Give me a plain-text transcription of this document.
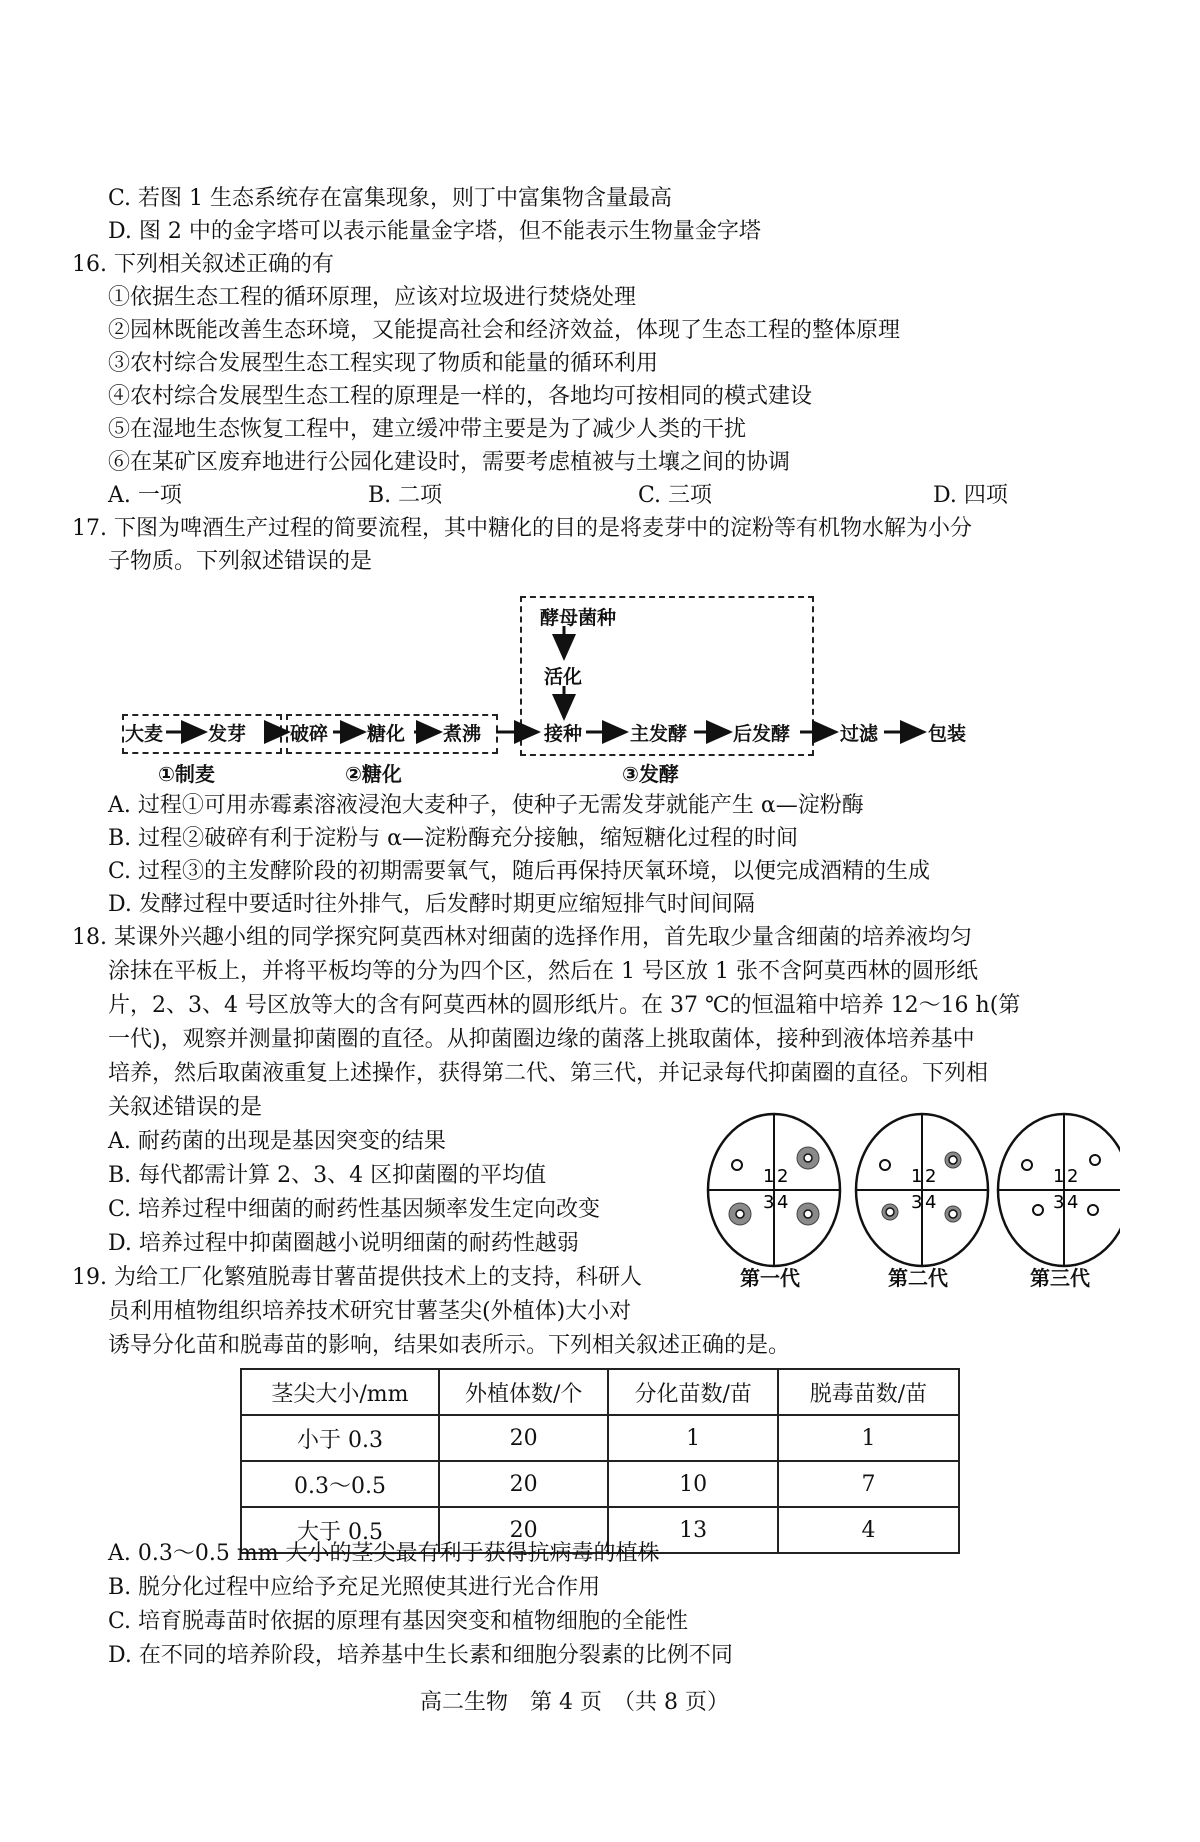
C. 若图 1 生态系统存在富集现象，则丁中富集物含量最高
D. 图 2 中的金字塔可以表示能量金字塔，但不能表示生物量金字塔
16. 下列相关叙述正确的有
①依据生态工程的循环原理，应该对垃圾进行焚烧处理
②园林既能改善生态环境，又能提高社会和经济效益，体现了生态工程的整体原理
③农村综合发展型生态工程实现了物质和能量的循环利用
④农村综合发展型生态工程的原理是一样的，各地均可按相同的模式建设
⑤在湿地生态恢复工程中，建立缓冲带主要是为了减少人类的干扰
⑥在某矿区废弃地进行公园化建设时，需要考虑植被与土壤之间的协调
A. 一项	B. 二项	C. 三项	D. 四项
17. 下图为啤酒生产过程的简要流程，其中糖化的目的是将麦芽中的淀粉等有机物水解为小分
子物质。下列叙述错误的是
大麦 发芽 破碎 糖化 煮沸
酵母菌种
活化
接种	主发酵 后发酵	过滤	包装
①制麦	②糖化	③发酵
A. 过程①可用赤霉素溶液浸泡大麦种子，使种子无需发芽就能产生 α—淀粉酶
B. 过程②破碎有利于淀粉与 α—淀粉酶充分接触，缩短糖化过程的时间
C. 过程③的主发酵阶段的初期需要氧气，随后再保持厌氧环境，以便完成酒精的生成
D. 发酵过程中要适时往外排气，后发酵时期更应缩短排气时间间隔
18. 某课外兴趣小组的同学探究阿莫西林对细菌的选择作用，首先取少量含细菌的培养液均匀
涂抹在平板上，并将平板均等的分为四个区，然后在 1 号区放 1 张不含阿莫西林的圆形纸
片，2、3、4 号区放等大的含有阿莫西林的圆形纸片。在 37 ℃的恒温箱中培养 12～16 h(第
一代)，观察并测量抑菌圈的直径。从抑菌圈边缘的菌落上挑取菌体，接种到液体培养基中
培养，然后取菌液重复上述操作，获得第二代、第三代，并记录每代抑菌圈的直径。下列相
关叙述错误的是
A. 耐药菌的出现是基因突变的结果
B. 每代都需计算 2、3、4 区抑菌圈的平均值
C. 培养过程中细菌的耐药性基因频率发生定向改变
D. 培养过程中抑菌圈越小说明细菌的耐药性越弱
1 2
3 4
1 2
3 4
1 2
3 4
第一代	第二代	第三代
19. 为给工厂化繁殖脱毒甘薯苗提供技术上的支持，科研人
员利用植物组织培养技术研究甘薯茎尖(外植体)大小对
诱导分化苗和脱毒苗的影响，结果如表所示。下列相关叙述正确的是。
茎尖大小/mm	外植体数/个	分化苗数/苗	脱毒苗数/苗
小于 0.3	20	1	1
0.3～0.5	20	10	7
大于 0.5	20	13	4
A. 0.3～0.5 mm 大小的茎尖最有利于获得抗病毒的植株
B. 脱分化过程中应给予充足光照使其进行光合作用
C. 培育脱毒苗时依据的原理有基因突变和植物细胞的全能性
D. 在不同的培养阶段，培养基中生长素和细胞分裂素的比例不同
高二生物　第 4 页　（共 8 页）
